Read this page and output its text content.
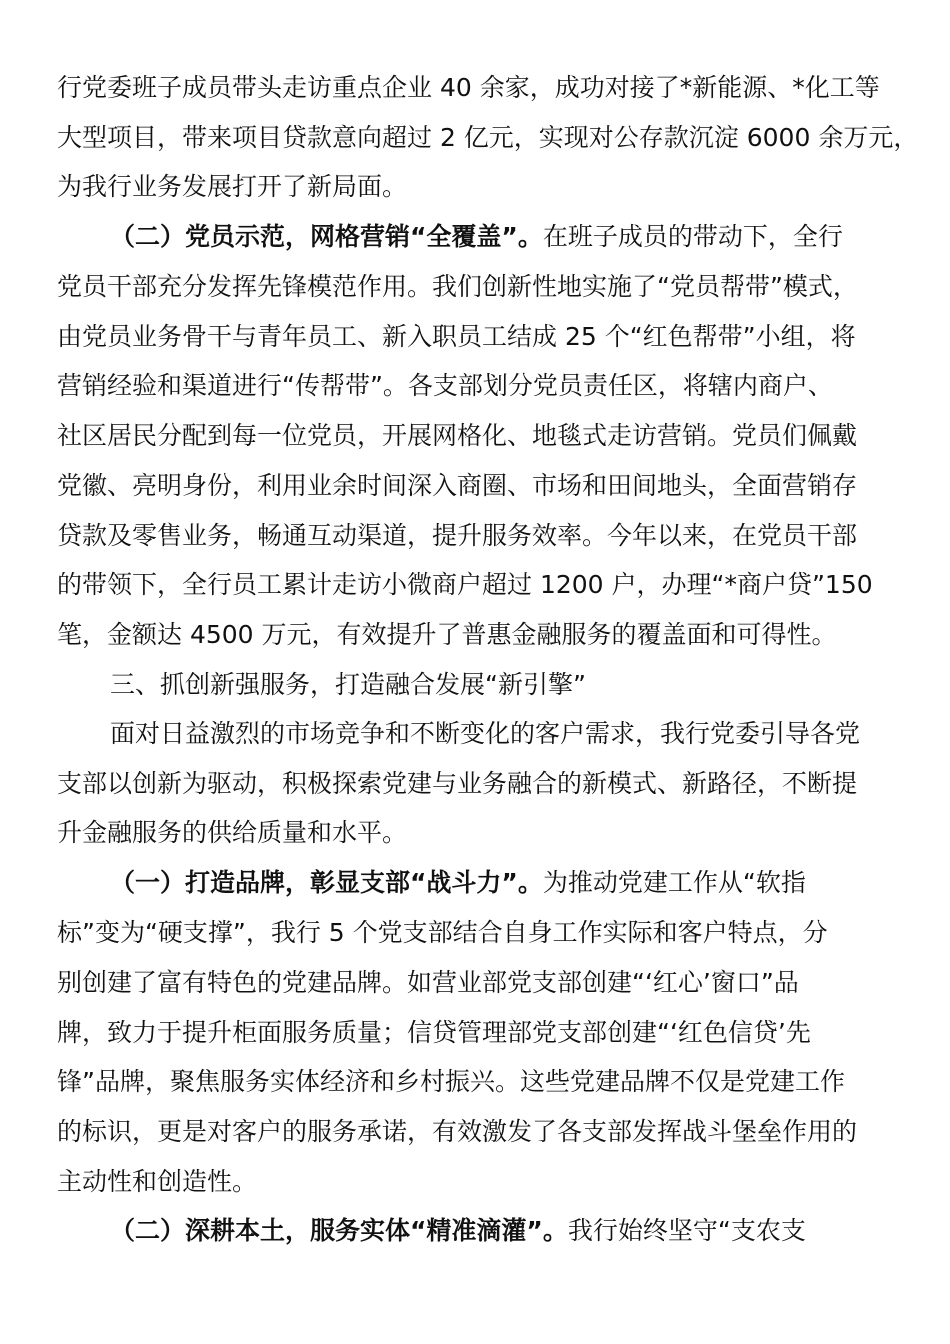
行党委班子成员带头走访重点企业 40 余家，成功对接了*新能源、*化工等
大型项目，带来项目贷款意向超过 2 亿元，实现对公存款沉淀 6000 余万元，
为我行业务发展打开了新局面。
（二）党员示范，网格营销“全覆盖”。在班子成员的带动下，全行
党员干部充分发挥先锋模范作用。我们创新性地实施了“党员帮带”模式，
由党员业务骨干与青年员工、新入职员工结成 25 个“红色帮带”小组，将
营销经验和渠道进行“传帮带”。各支部划分党员责任区，将辖内商户、
社区居民分配到每一位党员，开展网格化、地毯式走访营销。党员们佩戴
党徽、亮明身份，利用业余时间深入商圈、市场和田间地头，全面营销存
贷款及零售业务，畅通互动渠道，提升服务效率。今年以来，在党员干部
的带领下，全行员工累计走访小微商户超过 1200 户，办理“*商户贷”150
笔，金额达 4500 万元，有效提升了普惠金融服务的覆盖面和可得性。
三、抓创新强服务，打造融合发展“新引擎”
面对日益激烈的市场竞争和不断变化的客户需求，我行党委引导各党
支部以创新为驱动，积极探索党建与业务融合的新模式、新路径，不断提
升金融服务的供给质量和水平。
（一）打造品牌，彰显支部“战斗力”。为推动党建工作从“软指
标”变为“硬支撑”，我行 5 个党支部结合自身工作实际和客户特点，分
别创建了富有特色的党建品牌。如营业部党支部创建“‘红心’窗口”品
牌，致力于提升柜面服务质量；信贷管理部党支部创建“‘红色信贷’先
锋”品牌，聚焦服务实体经济和乡村振兴。这些党建品牌不仅是党建工作
的标识，更是对客户的服务承诺，有效激发了各支部发挥战斗堡垒作用的
主动性和创造性。
（二）深耕本土，服务实体“精准滴灌”。我行始终坚守“支农支
